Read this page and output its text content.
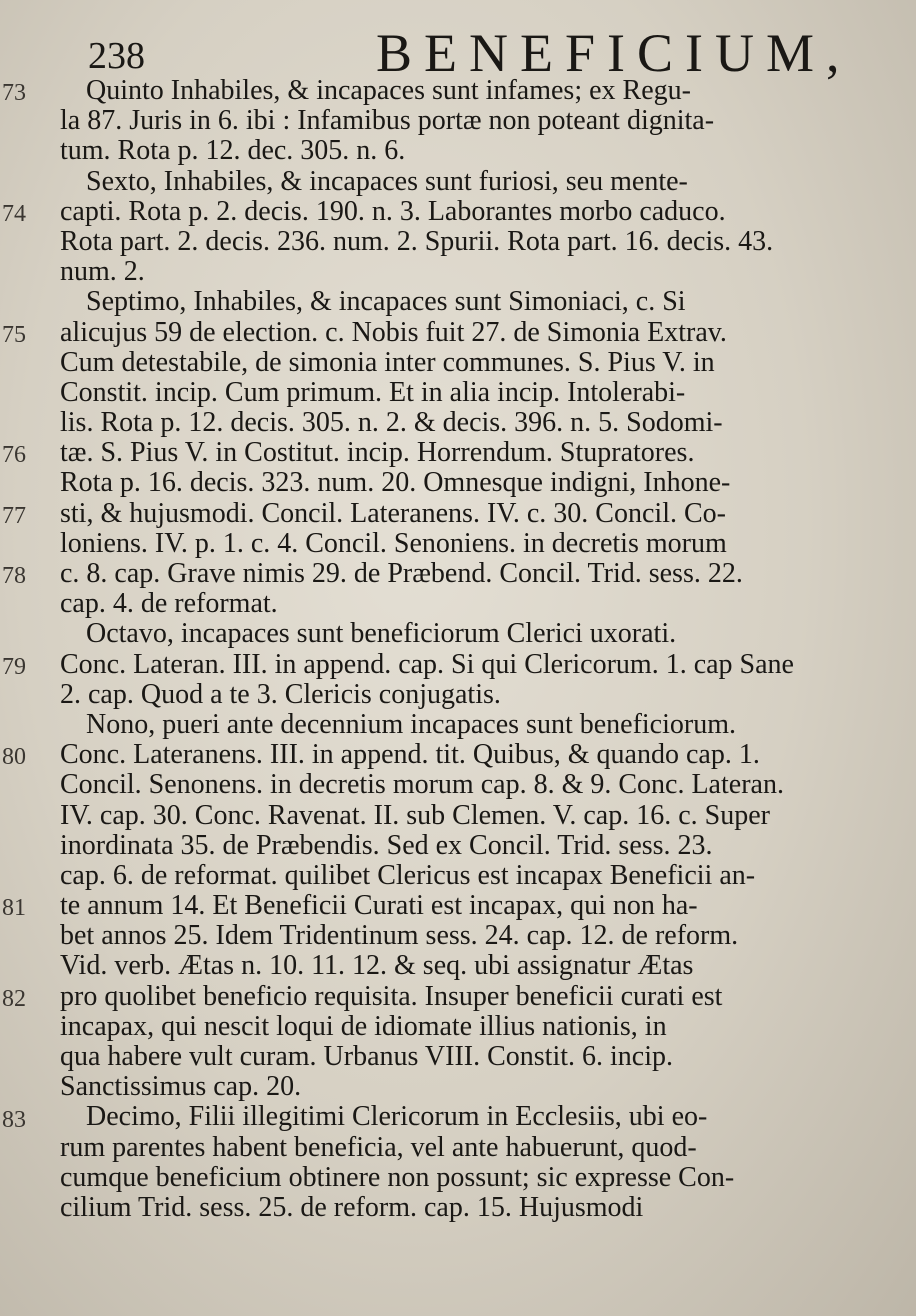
238	BENEFICIUM,
Quinto Inhabiles, & incapaces sunt infames; ex Regu-
73
la 87. Juris in 6. ibi : Infamibus portæ non poteant dignita-
tum. Rota p. 12. dec. 305. n. 6.
Sexto, Inhabiles, & incapaces sunt furiosi, seu mente-
capti. Rota p. 2. decis. 190. n. 3. Laborantes morbo caduco.
74
Rota part. 2. decis. 236. num. 2. Spurii. Rota part. 16. decis. 43.
num. 2.
Septimo, Inhabiles, & incapaces sunt Simoniaci, c. Si
alicujus 59 de election. c. Nobis fuit 27. de Simonia Extrav.
75
Cum detestabile, de simonia inter communes. S. Pius V. in
Constit. incip. Cum primum. Et in alia incip. Intolerabi-
lis. Rota p. 12. decis. 305. n. 2. & decis. 396. n. 5. Sodomi-
tæ. S. Pius V. in Costitut. incip. Horrendum. Stupratores.
76
Rota p. 16. decis. 323. num. 20. Omnesque indigni, Inhone-
sti, & hujusmodi. Concil. Lateranens. IV. c. 30. Concil. Co-
77
loniens. IV. p. 1. c. 4. Concil. Senoniens. in decretis morum
c. 8. cap. Grave nimis 29. de Præbend. Concil. Trid. sess. 22.
78
cap. 4. de reformat.
Octavo, incapaces sunt beneficiorum Clerici uxorati.
Conc. Lateran. III. in append. cap. Si qui Clericorum. 1. cap Sane
79
2. cap. Quod a te 3. Clericis conjugatis.
Nono, pueri ante decennium incapaces sunt beneficiorum.
Conc. Lateranens. III. in append. tit. Quibus, & quando cap. 1.
80
Concil. Senonens. in decretis morum cap. 8. & 9. Conc. Lateran.
IV. cap. 30. Conc. Ravenat. II. sub Clemen. V. cap. 16. c. Super
inordinata 35. de Præbendis. Sed ex Concil. Trid. sess. 23.
cap. 6. de reformat. quilibet Clericus est incapax Beneficii an-
te annum 14. Et Beneficii Curati est incapax, qui non ha-
81
bet annos 25. Idem Tridentinum sess. 24. cap. 12. de reform.
Vid. verb. Ætas n. 10. 11. 12. & seq. ubi assignatur Ætas
pro quolibet beneficio requisita. Insuper beneficii curati est
82
incapax, qui nescit loqui de idiomate illius nationis, in
qua habere vult curam. Urbanus VIII. Constit. 6. incip.
Sanctissimus cap. 20.
Decimo, Filii illegitimi Clericorum in Ecclesiis, ubi eo-
83
rum parentes habent beneficia, vel ante habuerunt, quod-
cumque beneficium obtinere non possunt; sic expresse Con-
cilium Trid. sess. 25. de reform. cap. 15. Hujusmodi
